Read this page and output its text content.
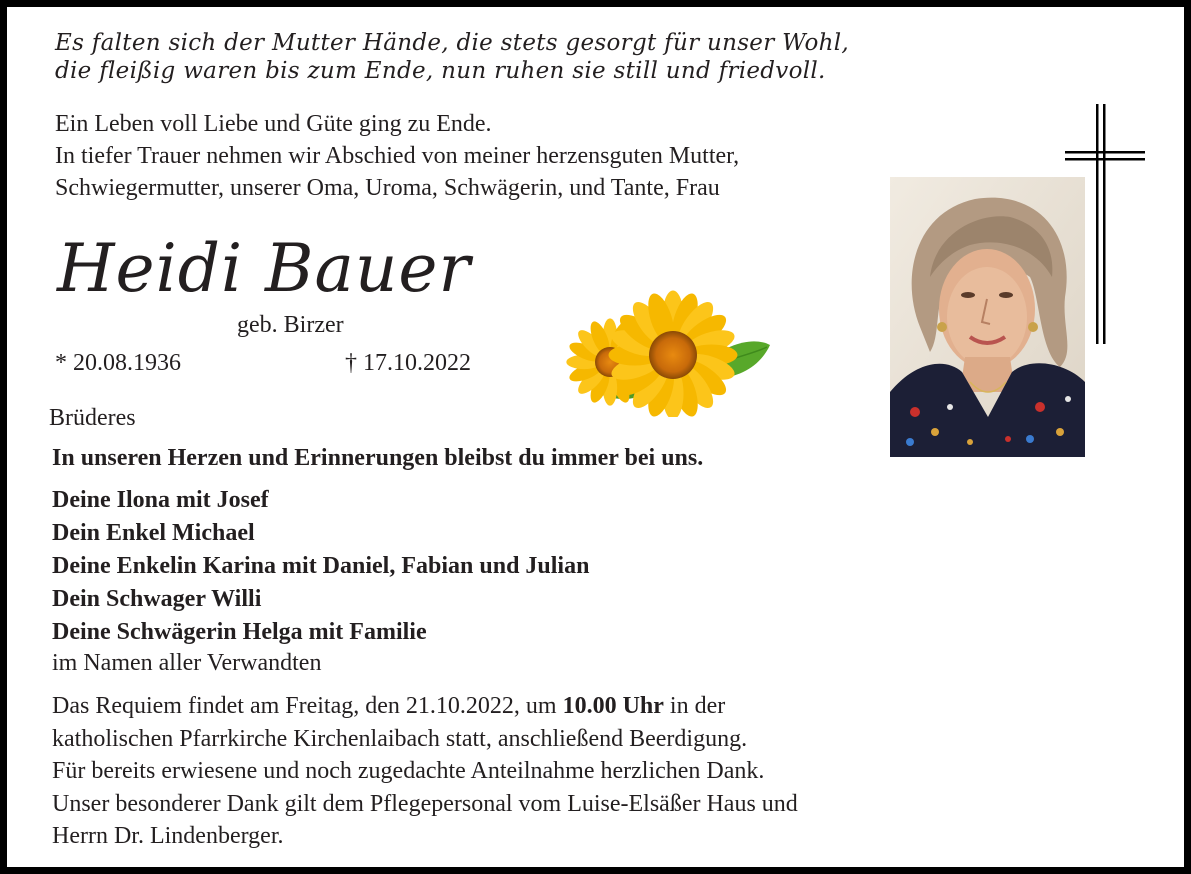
Es falten sich der Mutter Hände, die stets gesorgt für unser Wohl,
die fleißig waren bis zum Ende, nun ruhen sie still und friedvoll.
Ein Leben voll Liebe und Güte ging zu Ende.
In tiefer Trauer nehmen wir Abschied von meiner herzensguten Mutter,
Schwiegermutter, unserer Oma, Uroma, Schwägerin, und Tante, Frau
Heidi Bauer
geb. Birzer
* 20.08.1936	† 17.10.2022
Brüderes
In unseren Herzen und Erinnerungen bleibst du immer bei uns.
Deine Ilona mit Josef
Dein Enkel Michael
Deine Enkelin Karina mit Daniel, Fabian und Julian
Dein Schwager Willi
Deine Schwägerin Helga mit Familie
im Namen aller Verwandten
Das Requiem findet am Freitag, den 21.10.2022, um 10.00 Uhr in der
katholischen Pfarrkirche Kirchenlaibach statt, anschließend Beerdigung.
Für bereits erwiesene und noch zugedachte Anteilnahme herzlichen Dank.
Unser besonderer Dank gilt dem Pflegepersonal vom Luise-Elsäßer Haus und
Herrn Dr. Lindenberger.
